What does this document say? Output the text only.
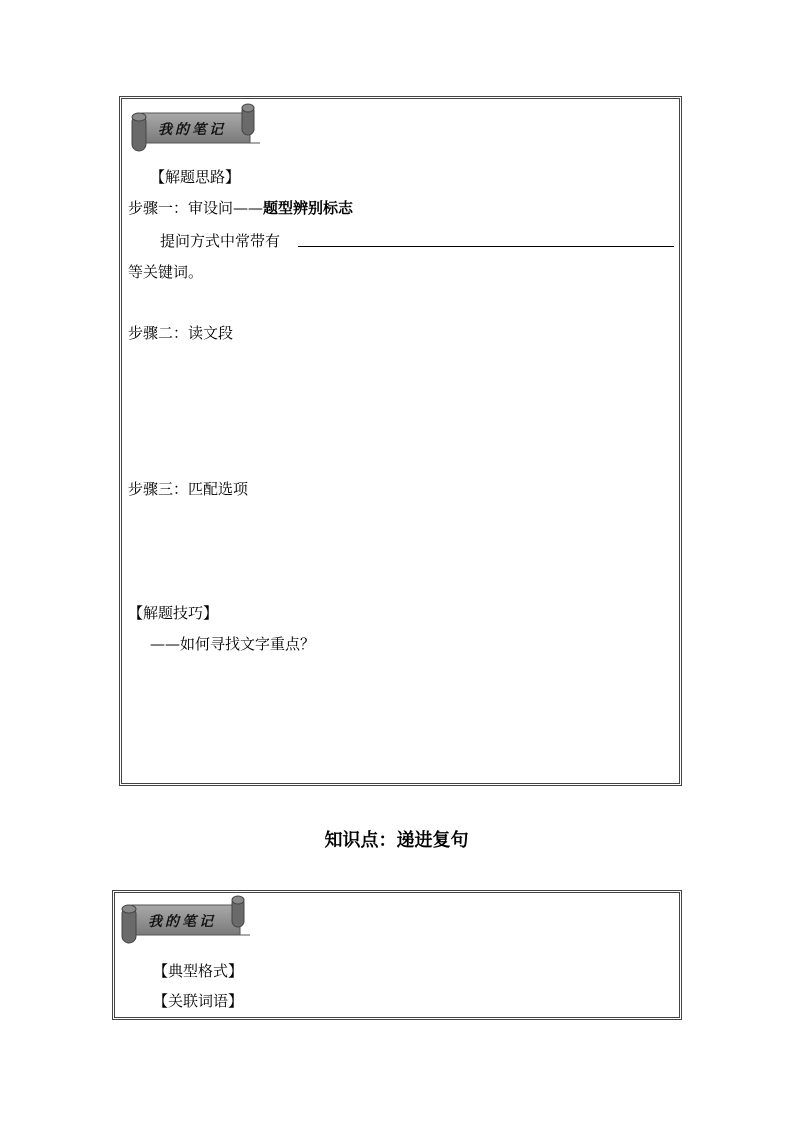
我的笔记
【解题思路】
步骤一：审设问——题型辨别标志
提问方式中常带有
等关键词。
步骤二：读文段
步骤三：匹配选项
【解题技巧】
——如何寻找文字重点？
知识点：递进复句
我的笔记
【典型格式】
【关联词语】
